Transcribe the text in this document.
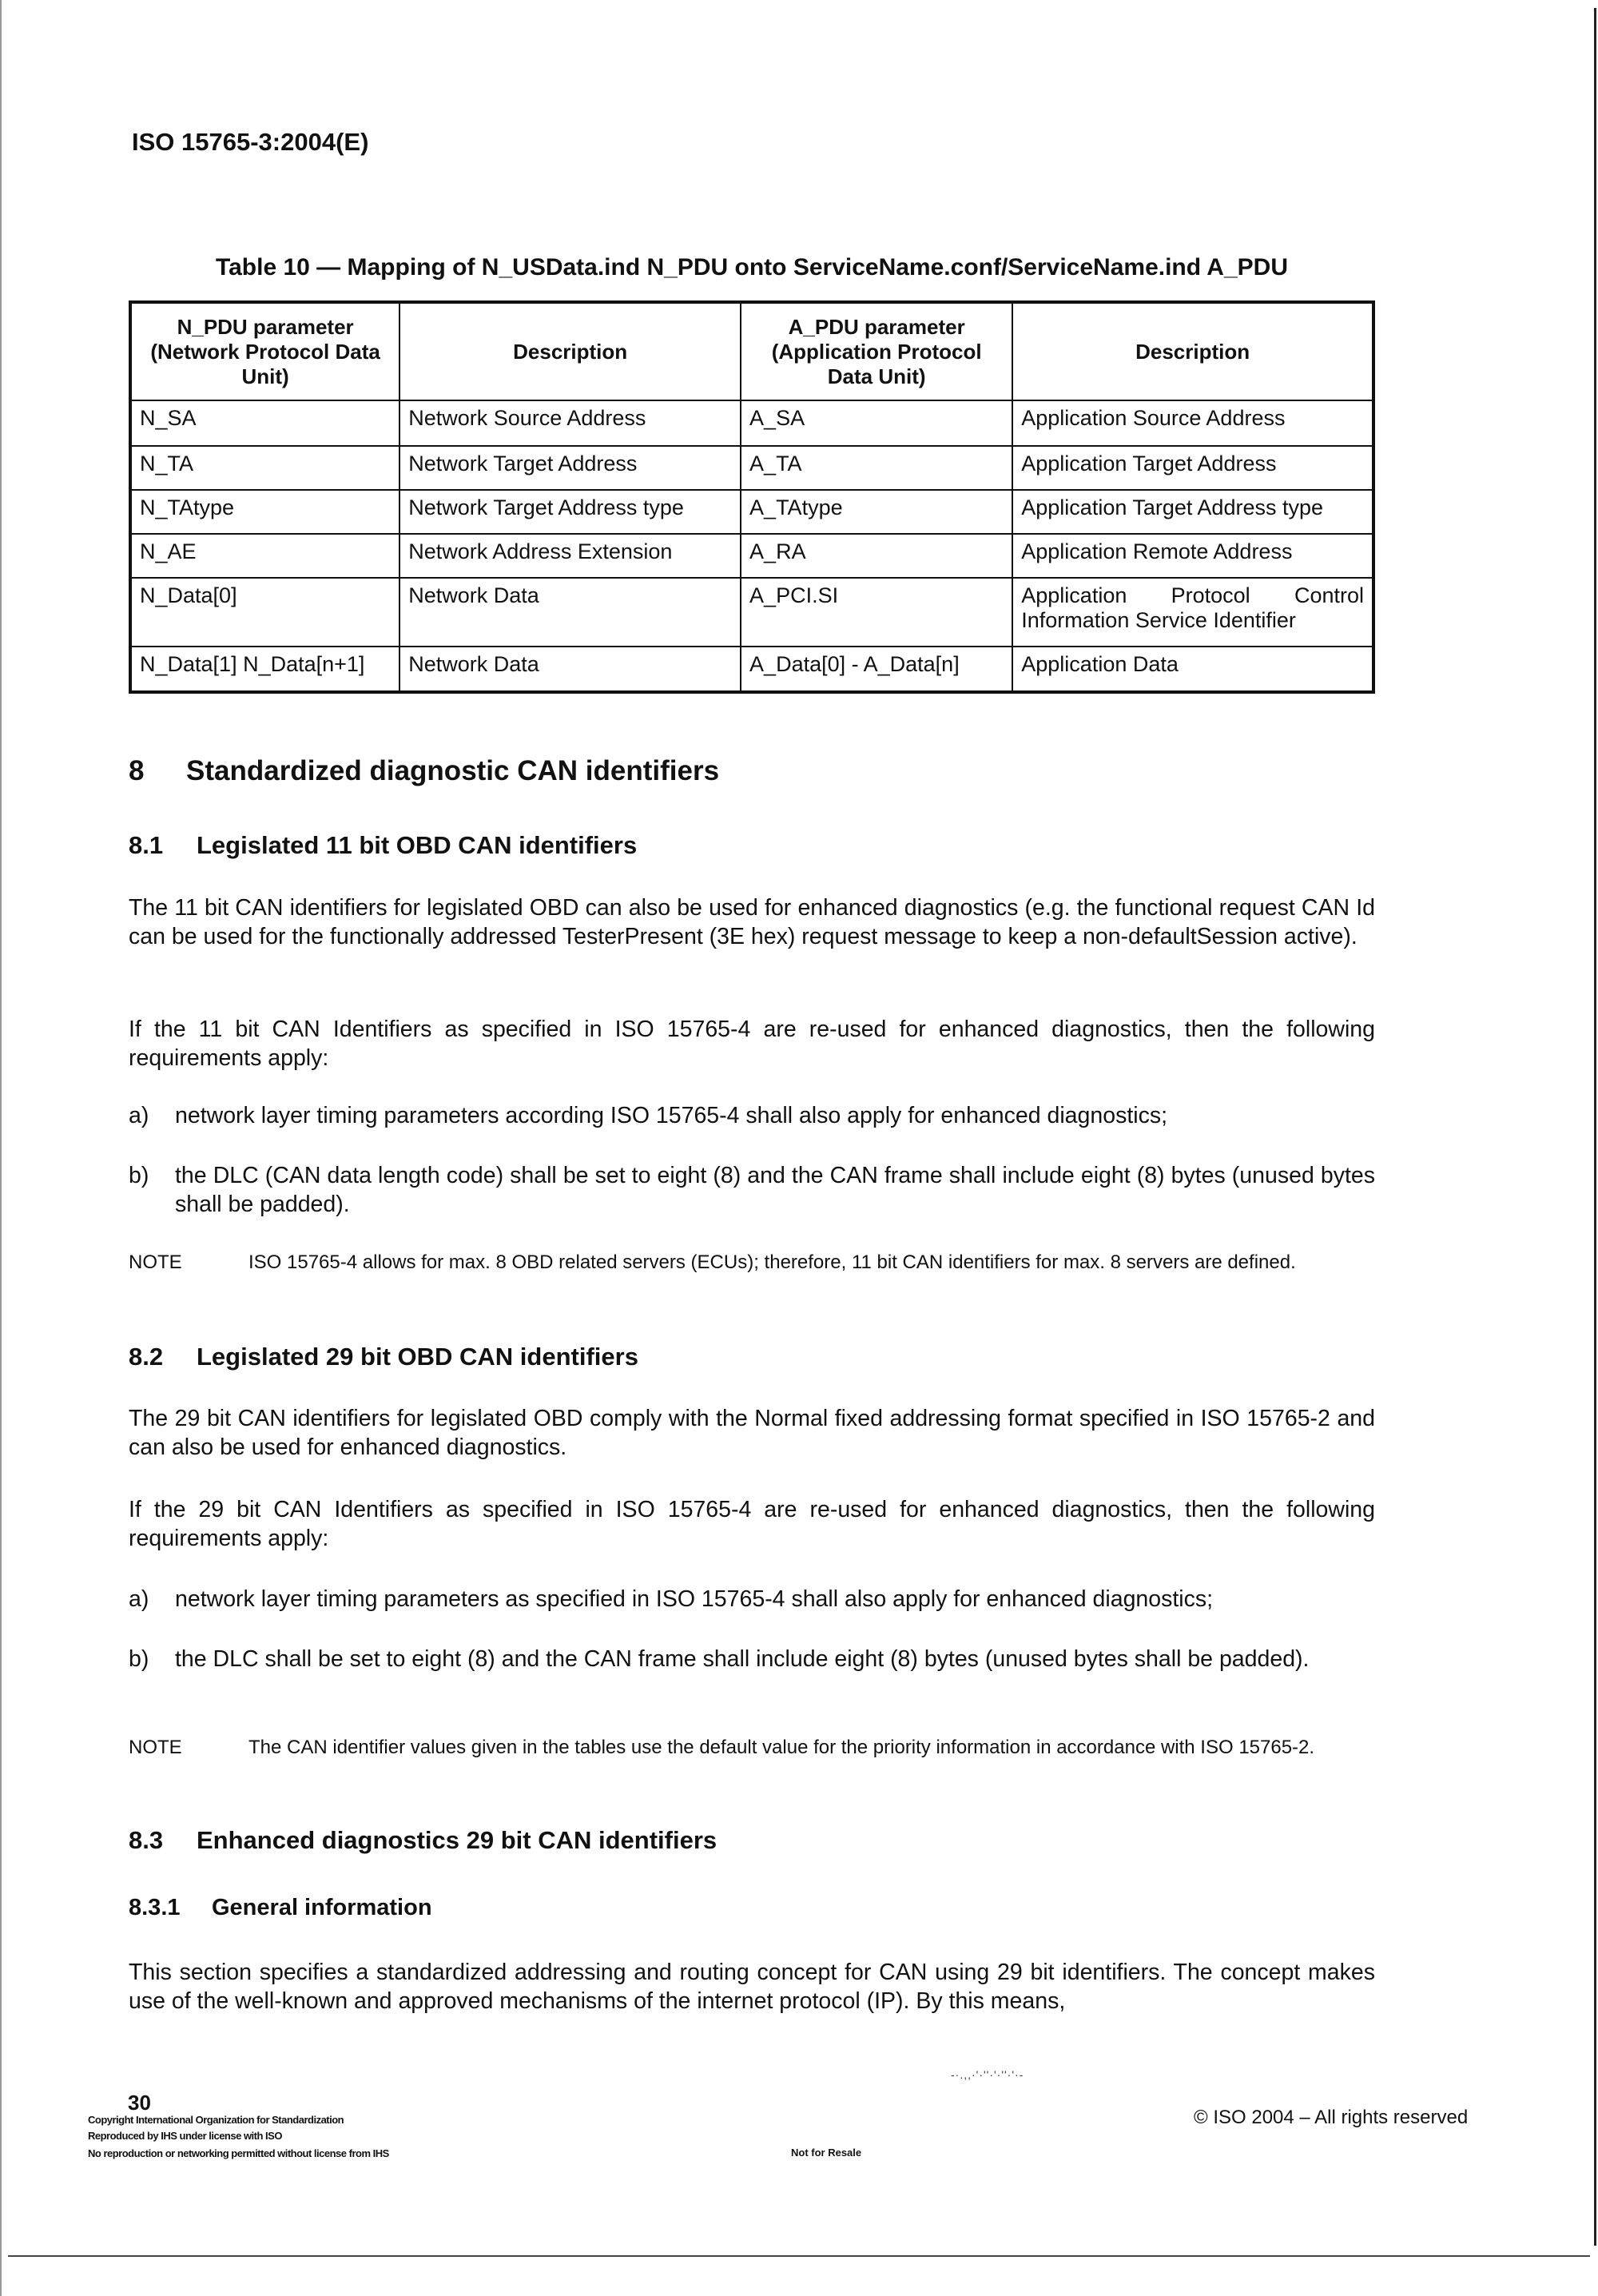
ISO 15765-3:2004(E)
Table 10 — Mapping of N_USData.ind N_PDU onto ServiceName.conf/ServiceName.ind A_PDU
N_PDU parameter (Network Protocol Data Unit)	Description	A_PDU parameter (Application Protocol Data Unit)	Description
N_SA	Network Source Address	A_SA	Application Source Address
N_TA	Network Target Address	A_TA	Application Target Address
N_TAtype	Network Target Address type	A_TAtype	Application Target Address type
N_AE	Network Address Extension	A_RA	Application Remote Address
N_Data[0]	Network Data	A_PCI.SI	Application Protocol Control Information Service Identifier
N_Data[1] N_Data[n+1]	Network Data	A_Data[0] - A_Data[n]	Application Data
8 Standardized diagnostic CAN identifiers
8.1 Legislated 11 bit OBD CAN identifiers
The 11 bit CAN identifiers for legislated OBD can also be used for enhanced diagnostics (e.g. the functional request CAN Id can be used for the functionally addressed TesterPresent (3E hex) request message to keep a non-defaultSession active).
If the 11 bit CAN Identifiers as specified in ISO 15765-4 are re-used for enhanced diagnostics, then the following requirements apply:
a) network layer timing parameters according ISO 15765-4 shall also apply for enhanced diagnostics;
b) the DLC (CAN data length code) shall be set to eight (8) and the CAN frame shall include eight (8) bytes (unused bytes shall be padded).
NOTE	ISO 15765-4 allows for max. 8 OBD related servers (ECUs); therefore, 11 bit CAN identifiers for max. 8 servers are defined.
8.2 Legislated 29 bit OBD CAN identifiers
The 29 bit CAN identifiers for legislated OBD comply with the Normal fixed addressing format specified in ISO 15765-2 and can also be used for enhanced diagnostics.
If the 29 bit CAN Identifiers as specified in ISO 15765-4 are re-used for enhanced diagnostics, then the following requirements apply:
a) network layer timing parameters as specified in ISO 15765-4 shall also apply for enhanced diagnostics;
b) the DLC shall be set to eight (8) and the CAN frame shall include eight (8) bytes (unused bytes shall be padded).
NOTE	The CAN identifier values given in the tables use the default value for the priority information in accordance with ISO 15765-2.
8.3 Enhanced diagnostics 29 bit CAN identifiers
8.3.1 General information
This section specifies a standardized addressing and routing concept for CAN using 29 bit identifiers. The concept makes use of the well-known and approved mechanisms of the internet protocol (IP). By this means,
-·.,,·'·''·'·''·'·-
30
Copyright International Organization for Standardization
Reproduced by IHS under license with ISO
No reproduction or networking permitted without license from IHS	Not for Resale
© ISO 2004 – All rights reserved
